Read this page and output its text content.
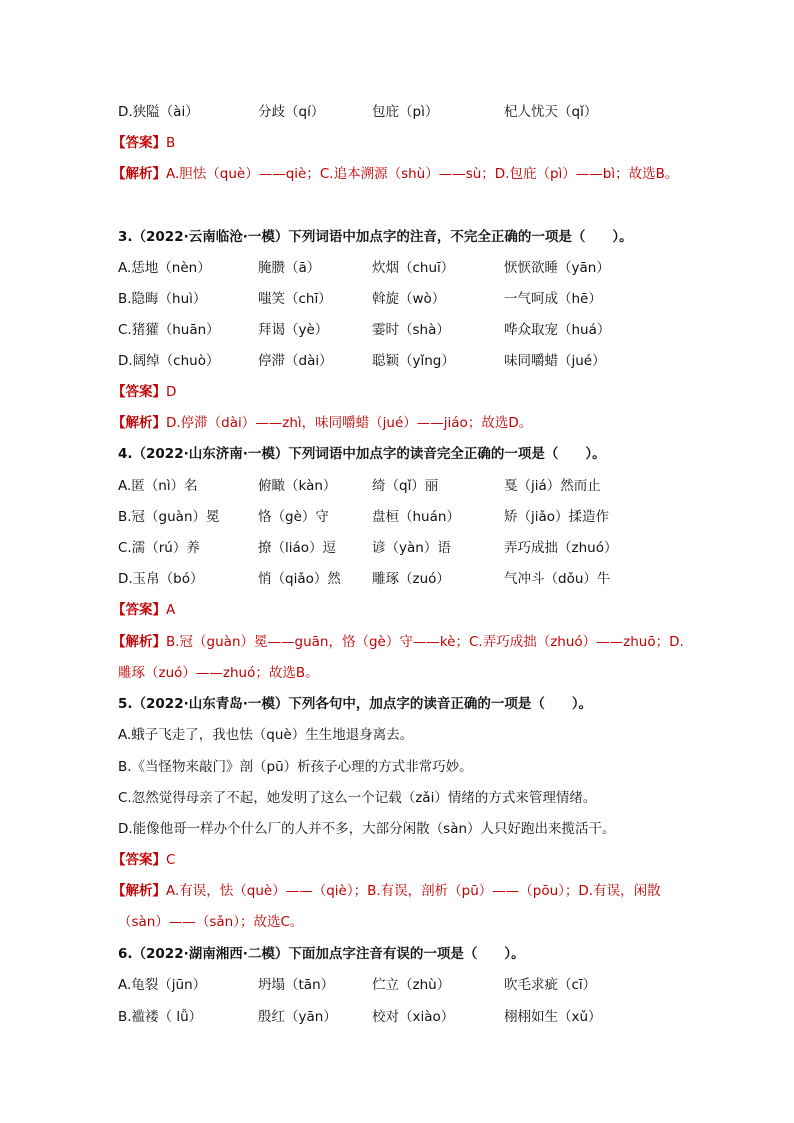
D.狭隘（ài）	分歧（qí）	包庇（pì）	杞人忧天（qǐ）
【答案】B
【解析】A.胆怯（què）——qiè；C.追本溯源（shù）——sù；D.包庇（pì）——bì；故选B。
3.（2022·云南临沧·一模）下列词语中加点字的注音，不完全正确的一项是（　　）。
A.恁地（nèn）	腌臜（ā）	炊烟（chuī）	恹恹欲睡（yān）
B.隐晦（huì）	嗤笑（chī）	斡旋（wò）	一气呵成（hē）
C.猪獾（huān）	拜谒（yè）	霎时（shà）	哗众取宠（huá）
D.阔绰（chuò）	停滞（dài）	聪颖（yǐng）	味同嚼蜡（jué）
【答案】D
【解析】D.停滞（dài）——zhì，味同嚼蜡（jué）——jiáo；故选D。
4.（2022·山东济南·一模）下列词语中加点字的读音完全正确的一项是（　　）。
A.匿（nì）名	俯瞰（kàn）	绮（qǐ）丽	戛（jiá）然而止
B.冠（guàn）冕	恪（gè）守	盘桓（huán）	矫（jiǎo）揉造作
C.濡（rú）养	撩（liáo）逗	谚（yàn）语	弄巧成拙（zhuó）
D.玉帛（bó）	悄（qiǎo）然 雕琢（zuó）	气冲斗（dǒu）牛
【答案】A
【解析】B.冠（guàn）冕——guān，恪（gè）守——kè；C.弄巧成拙（zhuó）——zhuō；D.
雕琢（zuó）——zhuó；故选B。
5.（2022·山东青岛·一模）下列各句中，加点字的读音正确的一项是（　　）。
A.蛾子飞走了，我也怯（què）生生地退身离去。
B.《当怪物来敲门》剖（pū）析孩子心理的方式非常巧妙。
C.忽然觉得母亲了不起，她发明了这么一个记载（zǎi）情绪的方式来管理情绪。
D.能像他哥一样办个什么厂的人并不多，大部分闲散（sàn）人只好跑出来揽活干。
【答案】C
【解析】A.有误，怯（què）——（qiè）；B.有误，剖析（pū）——（pōu）；D.有误，闲散
（sàn）——（sǎn）；故选C。
6.（2022·湖南湘西·二模）下面加点字注音有误的一项是（　　）。
A.龟裂（jūn）	坍塌（tān）	伫立（zhù）	吹毛求疵（cī）
B.褴褛（ lǚ）	殷红（yān）	校对（xiào）	栩栩如生（xǔ）
